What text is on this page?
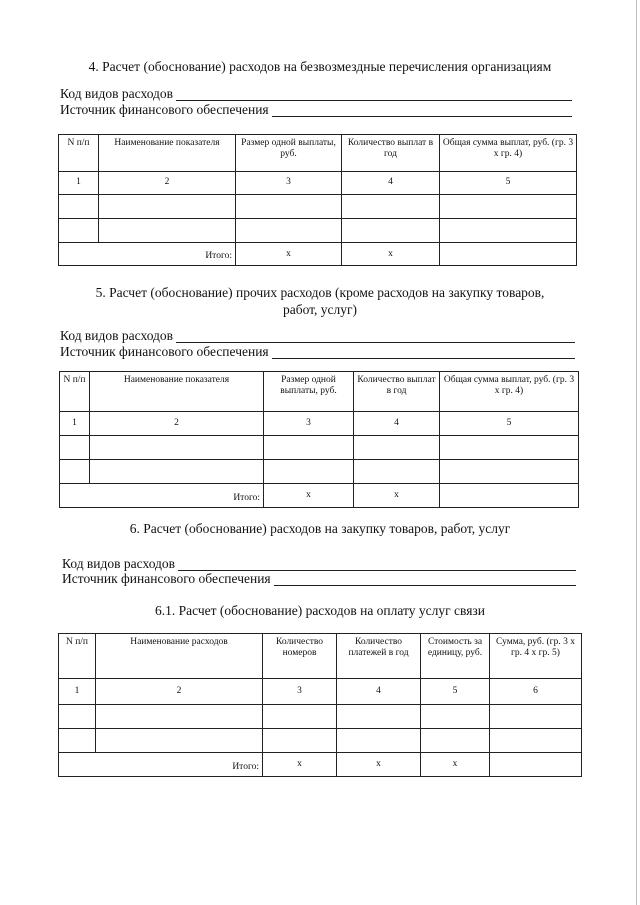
4. Расчет (обоснование) расходов на безвозмездные перечисления организациям
Код видов расходов
Источник финансового обеспечения
N п/п	Наименование показателя	Размер одной выплаты, руб.	Количество выплат в год	Общая сумма выплат, руб. (гр. 3 х гр. 4)
1	2	3	4	5

Итого:		х	х	
5. Расчет (обоснование) прочих расходов (кроме расходов на закупку товаров, работ, услуг)
Код видов расходов
Источник финансового обеспечения
N п/п	Наименование показателя	Размер одной выплаты, руб.	Количество выплат в год	Общая сумма выплат, руб. (гр. 3 х гр. 4)
1	2	3	4	5

Итого:		х	х	
6. Расчет (обоснование) расходов на закупку товаров, работ, услуг
Код видов расходов
Источник финансового обеспечения
6.1. Расчет (обоснование) расходов на оплату услуг связи
N п/п	Наименование расходов	Количество номеров	Количество платежей в год	Стоимость за единицу, руб.	Сумма, руб. (гр. 3 х гр. 4 х гр. 5)
1	2	3	4	5	6

Итого:		х	х	х	
